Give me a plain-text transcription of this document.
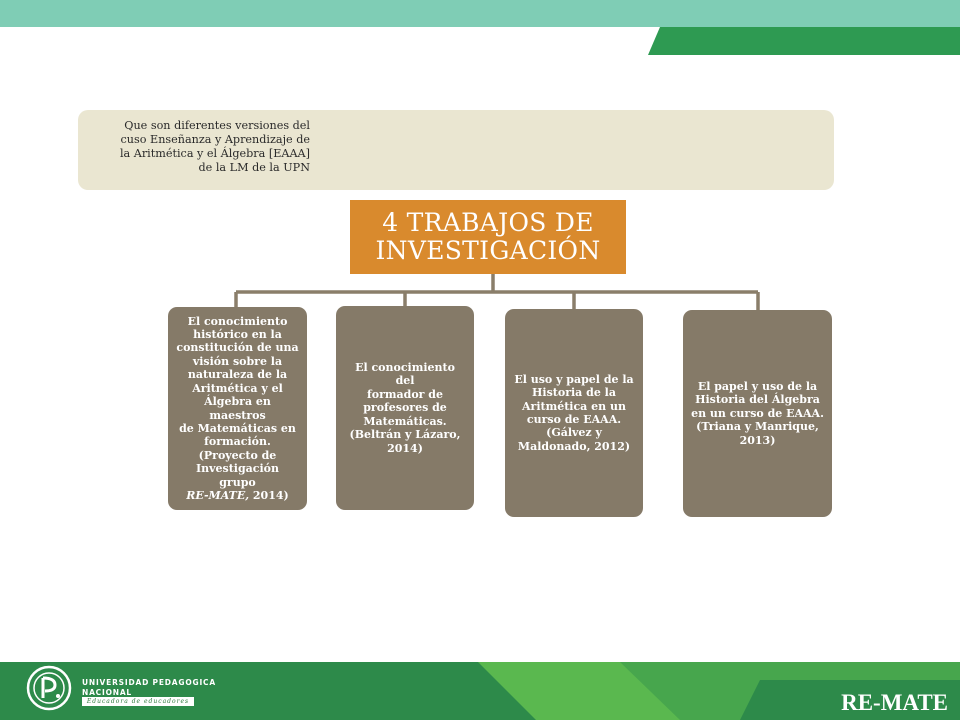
Que son diferentes versiones del
cuso Enseñanza y Aprendizaje de
la Aritmética y el Álgebra [EAAA]
de la LM de la UPN
4 TRABAJOS DE
INVESTIGACIÓN
El conocimiento
histórico en la
constitución de una
visión sobre la
naturaleza de la
Aritmética y el
Álgebra en maestros
de Matemáticas en
formación.
(Proyecto de
Investigación grupo
RE-MATE, 2014)
El conocimiento del
formador de
profesores de
Matemáticas.
(Beltrán y Lázaro,
2014)
El uso y papel de la
Historia de la
Aritmética en un
curso de EAAA.
(Gálvez y
Maldonado, 2012)
El papel y uso de la
Historia del Álgebra
en un curso de EAAA.
(Triana y Manrique,
2013)
UNIVERSIDAD PEDAGOGICA
NACIONAL
Educadora de educadores	RE-MATE
